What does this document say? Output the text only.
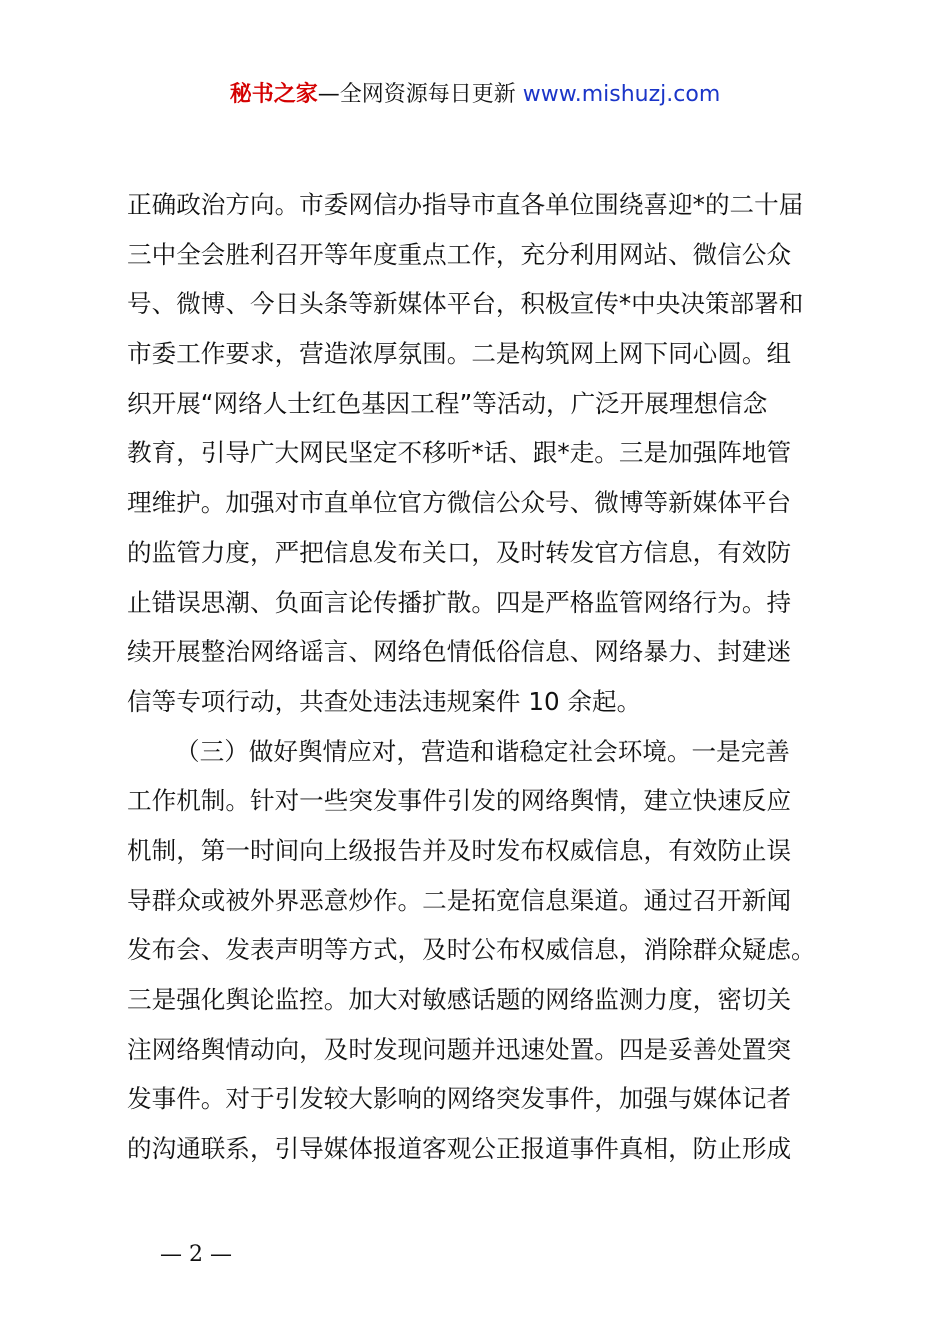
秘书之家—全网资源每日更新 www.mishuzj.com
正确政治方向。市委网信办指导市直各单位围绕喜迎*的二十届
三中全会胜利召开等年度重点工作，充分利用网站、微信公众
号、微博、今日头条等新媒体平台，积极宣传*中央决策部署和
市委工作要求，营造浓厚氛围。二是构筑网上网下同心圆。组
织开展“网络人士红色基因工程”等活动，广泛开展理想信念
教育，引导广大网民坚定不移听*话、跟*走。三是加强阵地管
理维护。加强对市直单位官方微信公众号、微博等新媒体平台
的监管力度，严把信息发布关口，及时转发官方信息，有效防
止错误思潮、负面言论传播扩散。四是严格监管网络行为。持
续开展整治网络谣言、网络色情低俗信息、网络暴力、封建迷
信等专项行动，共查处违法违规案件 10 余起。
（三）做好舆情应对，营造和谐稳定社会环境。一是完善
工作机制。针对一些突发事件引发的网络舆情，建立快速反应
机制，第一时间向上级报告并及时发布权威信息，有效防止误
导群众或被外界恶意炒作。二是拓宽信息渠道。通过召开新闻
发布会、发表声明等方式，及时公布权威信息，消除群众疑虑。
三是强化舆论监控。加大对敏感话题的网络监测力度，密切关
注网络舆情动向，及时发现问题并迅速处置。四是妥善处置突
发事件。对于引发较大影响的网络突发事件，加强与媒体记者
的沟通联系，引导媒体报道客观公正报道事件真相，防止形成
— 2 —
